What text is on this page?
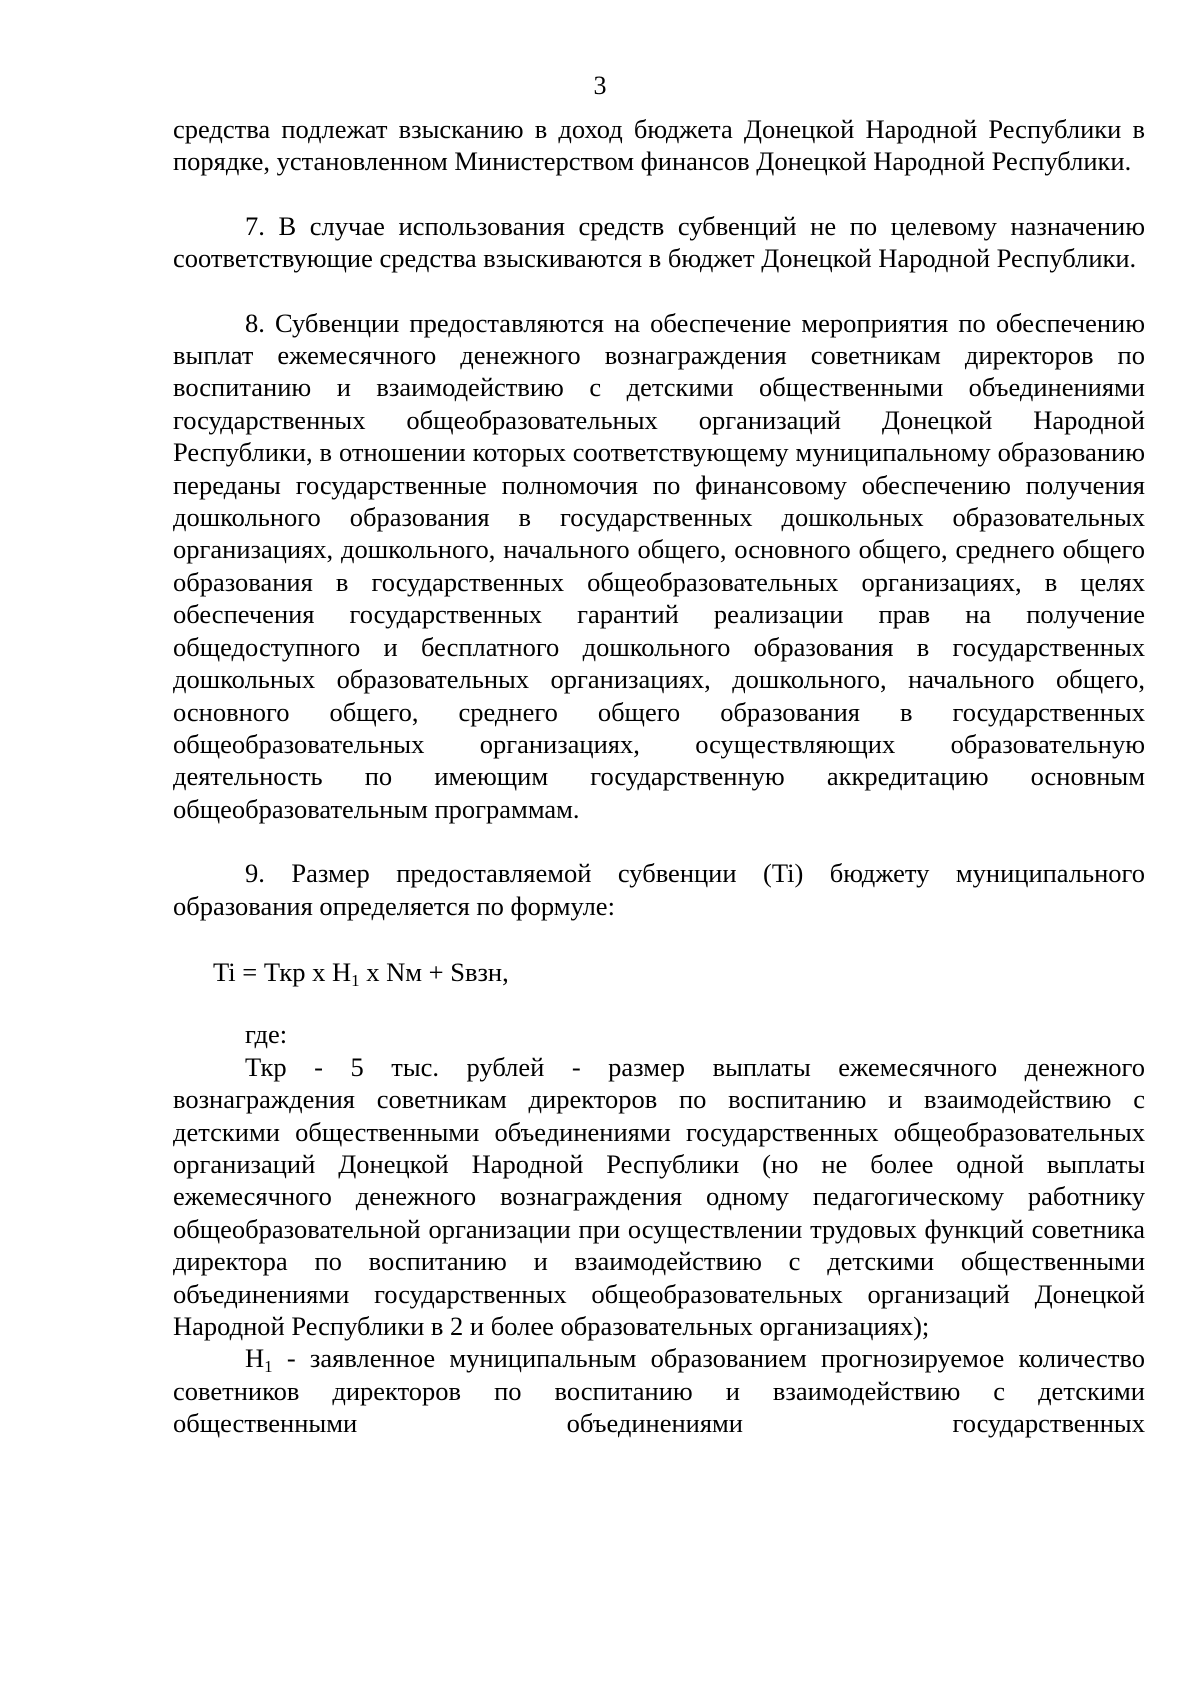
3

средства подлежат взысканию в доход бюджета Донецкой Народной Республики в порядке, установленном Министерством финансов Донецкой Народной Республики.

7. В случае использования средств субвенций не по целевому назначению соответствующие средства взыскиваются в бюджет Донецкой Народной Республики.

8. Субвенции предоставляются на обеспечение мероприятия по обеспечению выплат ежемесячного денежного вознаграждения советникам директоров по воспитанию и взаимодействию с детскими общественными объединениями государственных общеобразовательных организаций Донецкой Народной Республики, в отношении которых соответствующему муниципальному образованию переданы государственные полномочия по финансовому обеспечению получения дошкольного образования в государственных дошкольных образовательных организациях, дошкольного, начального общего, основного общего, среднего общего образования в государственных общеобразовательных организациях, в целях обеспечения государственных гарантий реализации прав на получение общедоступного и бесплатного дошкольного образования в государственных дошкольных образовательных организациях, дошкольного, начального общего, основного общего, среднего общего образования в государственных общеобразовательных организациях, осуществляющих образовательную деятельность по имеющим государственную аккредитацию основным общеобразовательным программам.

9. Размер предоставляемой субвенции (Ti) бюджету муниципального образования определяется по формуле:

Ti = Ткр x $H_1$ x Nм + Sвзн,

где:

Ткр - 5 тыс. рублей - размер выплаты ежемесячного денежного вознаграждения советникам директоров по воспитанию и взаимодействию с детскими общественными объединениями государственных общеобразовательных организаций Донецкой Народной Республики (но не более одной выплаты ежемесячного денежного вознаграждения одному педагогическому работнику общеобразовательной организации при осуществлении трудовых функций советника директора по воспитанию и взаимодействию с детскими общественными объединениями государственных общеобразовательных организаций Донецкой Народной Республики в 2 и более образовательных организациях);

$H_1$ - заявленное муниципальным образованием прогнозируемое количество советников директоров по воспитанию и взаимодействию с детскими общественными объединениями государственных
